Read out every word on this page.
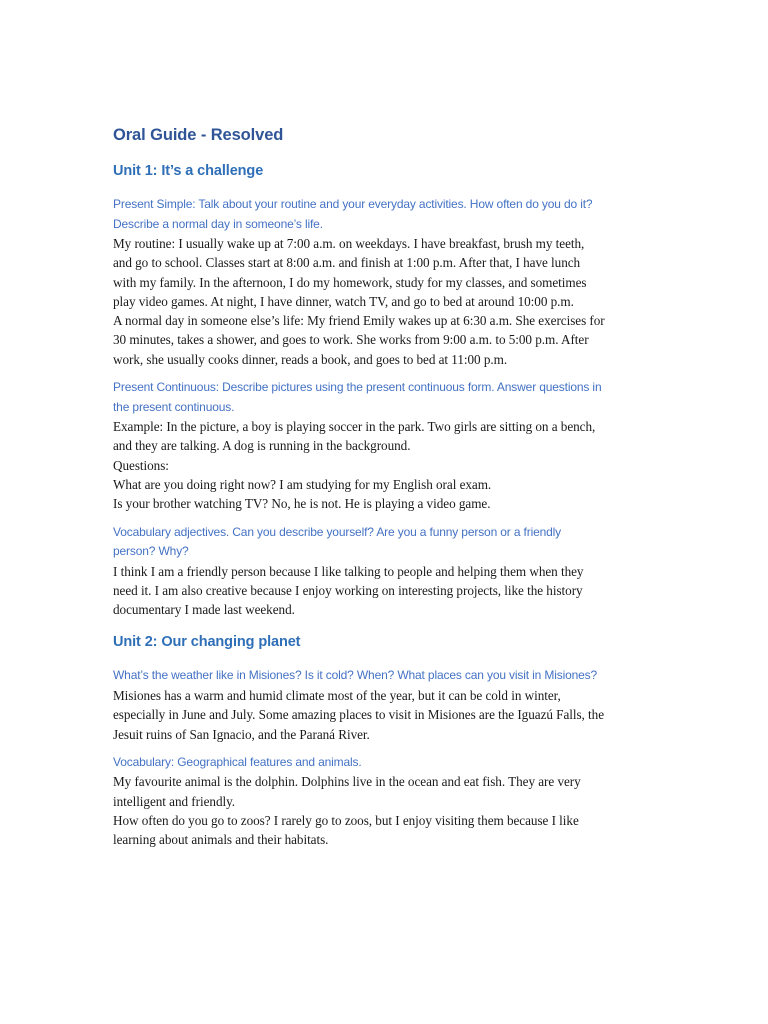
Oral Guide - Resolved
Unit 1: It’s a challenge
Present Simple: Talk about your routine and your everyday activities. How often do you do it?
Describe a normal day in someone’s life.

My routine: I usually wake up at 7:00 a.m. on weekdays. I have breakfast, brush my teeth,

and go to school. Classes start at 8:00 a.m. and finish at 1:00 p.m. After that, I have lunch

with my family. In the afternoon, I do my homework, study for my classes, and sometimes

play video games. At night, I have dinner, watch TV, and go to bed at around 10:00 p.m.

A normal day in someone else’s life: My friend Emily wakes up at 6:30 a.m. She exercises for

30 minutes, takes a shower, and goes to work. She works from 9:00 a.m. to 5:00 p.m. After

work, she usually cooks dinner, reads a book, and goes to bed at 11:00 p.m.

Present Continuous: Describe pictures using the present continuous form. Answer questions in
the present continuous.

Example: In the picture, a boy is playing soccer in the park. Two girls are sitting on a bench,

and they are talking. A dog is running in the background.

Questions:

What are you doing right now? I am studying for my English oral exam.

Is your brother watching TV? No, he is not. He is playing a video game.

Vocabulary adjectives. Can you describe yourself? Are you a funny person or a friendly
person? Why?

I think I am a friendly person because I like talking to people and helping them when they

need it. I am also creative because I enjoy working on interesting projects, like the history

documentary I made last weekend.

Unit 2: Our changing planet
What’s the weather like in Misiones? Is it cold? When? What places can you visit in Misiones?

Misiones has a warm and humid climate most of the year, but it can be cold in winter,

especially in June and July. Some amazing places to visit in Misiones are the Iguazú Falls, the

Jesuit ruins of San Ignacio, and the Paraná River.

Vocabulary: Geographical features and animals.

My favourite animal is the dolphin. Dolphins live in the ocean and eat fish. They are very

intelligent and friendly.

How often do you go to zoos? I rarely go to zoos, but I enjoy visiting them because I like

learning about animals and their habitats.
